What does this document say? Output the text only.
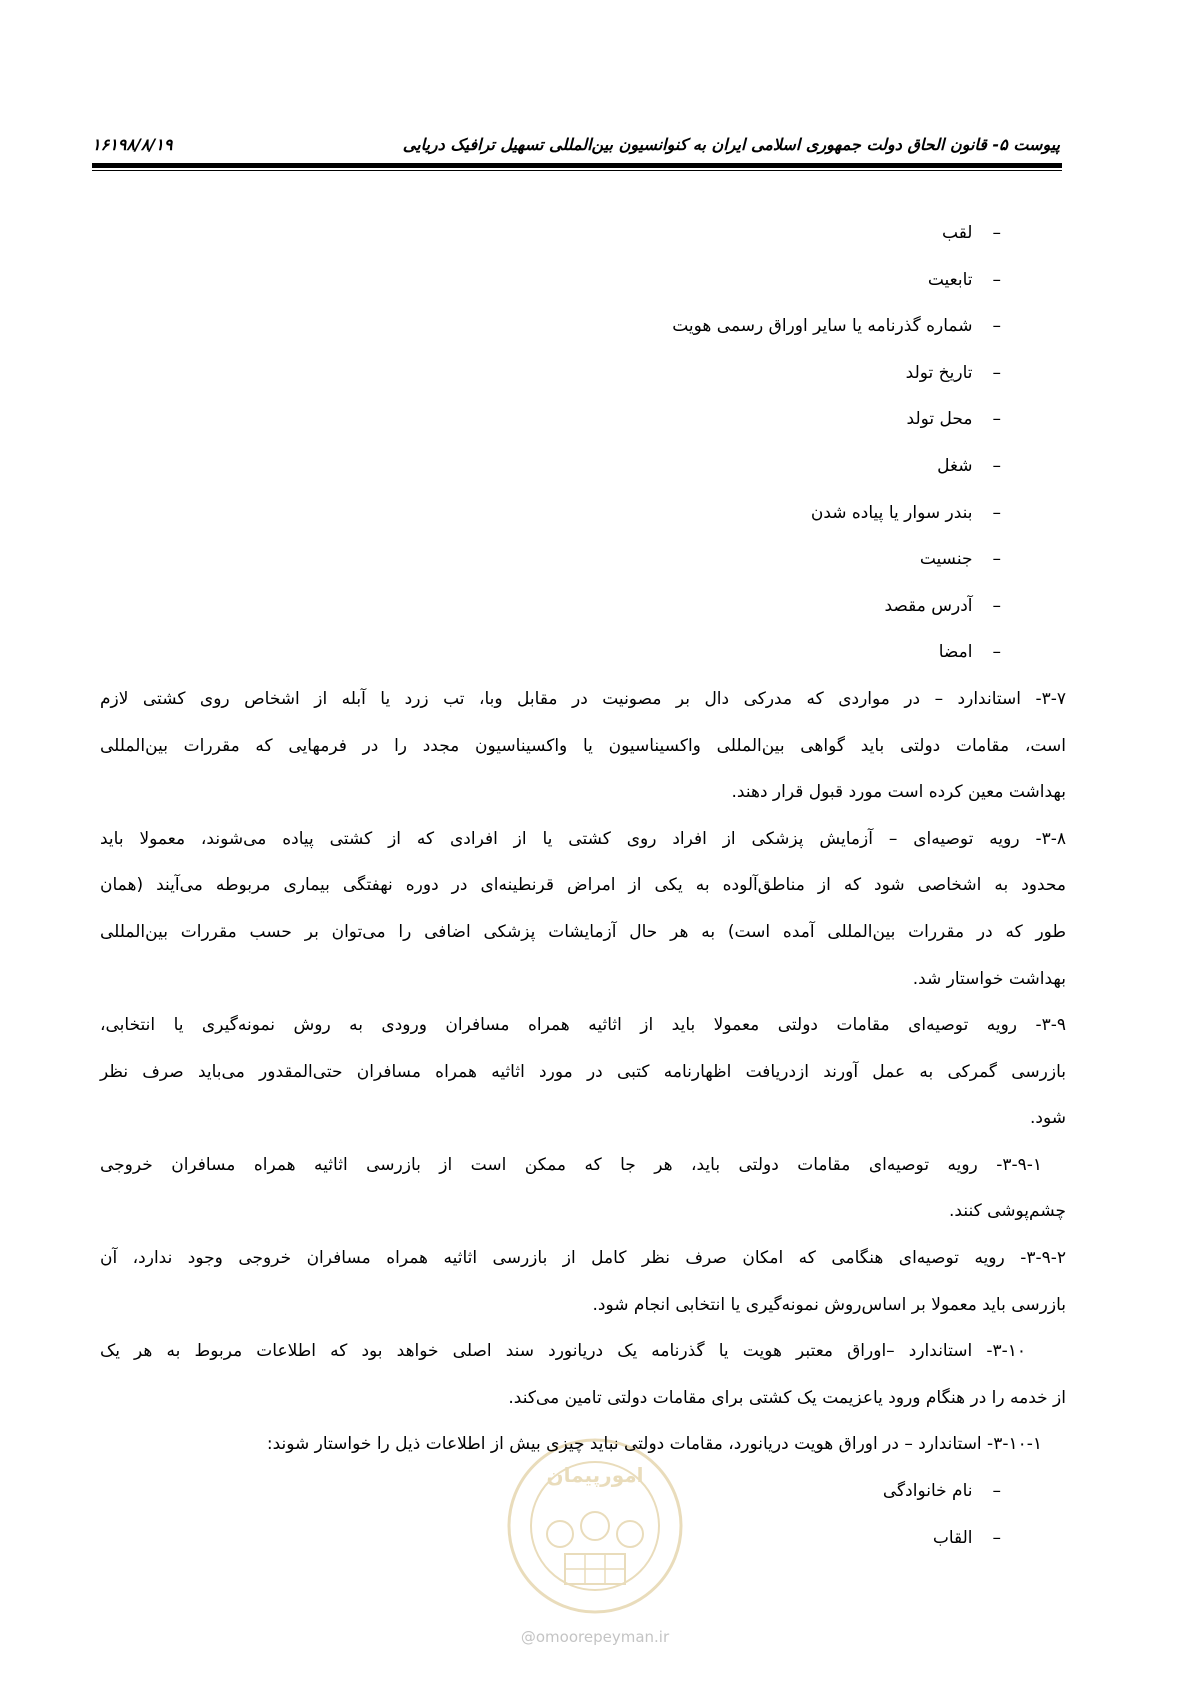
پیوست ۵- قانون الحاق دولت جمهوری اسلامی ایران به کنوانسیون بین‌المللی تسهیل ترافیک دریایی
۱۶۱۹۸/۸/۱۹
امورپیمان
@omoorepeyman.ir
–
لقب
–
تابعیت
–
شماره گذرنامه یا سایر اوراق رسمی هویت
–
تاریخ تولد
–
محل تولد
–
شغل
–
بندر سوار یا پیاده شدن
–
جنسیت
–
آدرس مقصد
–
امضا
۳-۷- استاندارد – در مواردی که مدرکی دال بر مصونیت در مقابل وبا، تب زرد یا آبله از اشخاص روی کشتی لازم
است، مقامات دولتی باید گواهی بین‌المللی واکسیناسیون یا واکسیناسیون مجدد را در فرمهایی که مقررات بین‌المللی
بهداشت معین کرده است مورد قبول قرار دهند.
۳-۸- رویه توصیه‌ای – آزمایش پزشکی از افراد روی کشتی یا از افرادی که از کشتی پیاده می‌شوند، معمولا باید
محدود به اشخاصی شود که از مناطق‌آلوده به یکی از امراض قرنطینه‌ای در دوره نهفتگی بیماری مربوطه می‌آیند (همان
طور که در مقررات بین‌المللی آمده است) به هر حال آزمایشات پزشکی اضافی را می‌توان بر حسب مقررات بین‌المللی
بهداشت خواستار شد.
۳-۹- رویه توصیه‌ای مقامات دولتی معمولا باید از اثاثیه همراه مسافران ورودی به روش نمونه‌گیری یا انتخابی،
بازرسی گمرکی به عمل آورند ازدریافت اظهارنامه کتبی در مورد اثاثیه همراه مسافران حتی‌المقدور می‌باید صرف نظر
شود.
۳-۹-۱- رویه توصیه‌ای مقامات دولتی باید، هر جا که ممکن است از بازرسی اثاثیه همراه مسافران خروجی
چشم‌پوشی کنند.
۳-۹-۲- رویه توصیه‌ای هنگامی که امکان صرف نظر کامل از بازرسی اثاثیه همراه مسافران خروجی وجود ندارد، آن
بازرسی باید معمولا بر اساس‌روش نمونه‌گیری یا انتخابی انجام شود.
۳-۱۰- استاندارد –اوراق معتبر هویت یا گذرنامه یک دریانورد سند اصلی خواهد بود که اطلاعات مربوط به هر یک
از خدمه را در هنگام ورود یاعزیمت یک کشتی برای مقامات دولتی تامین می‌کند.
۳-۱۰-۱- استاندارد – در اوراق هویت دریانورد، مقامات دولتی نباید چیزی بیش از اطلاعات ذیل را خواستار شوند:
–
نام خانوادگی
–
القاب
